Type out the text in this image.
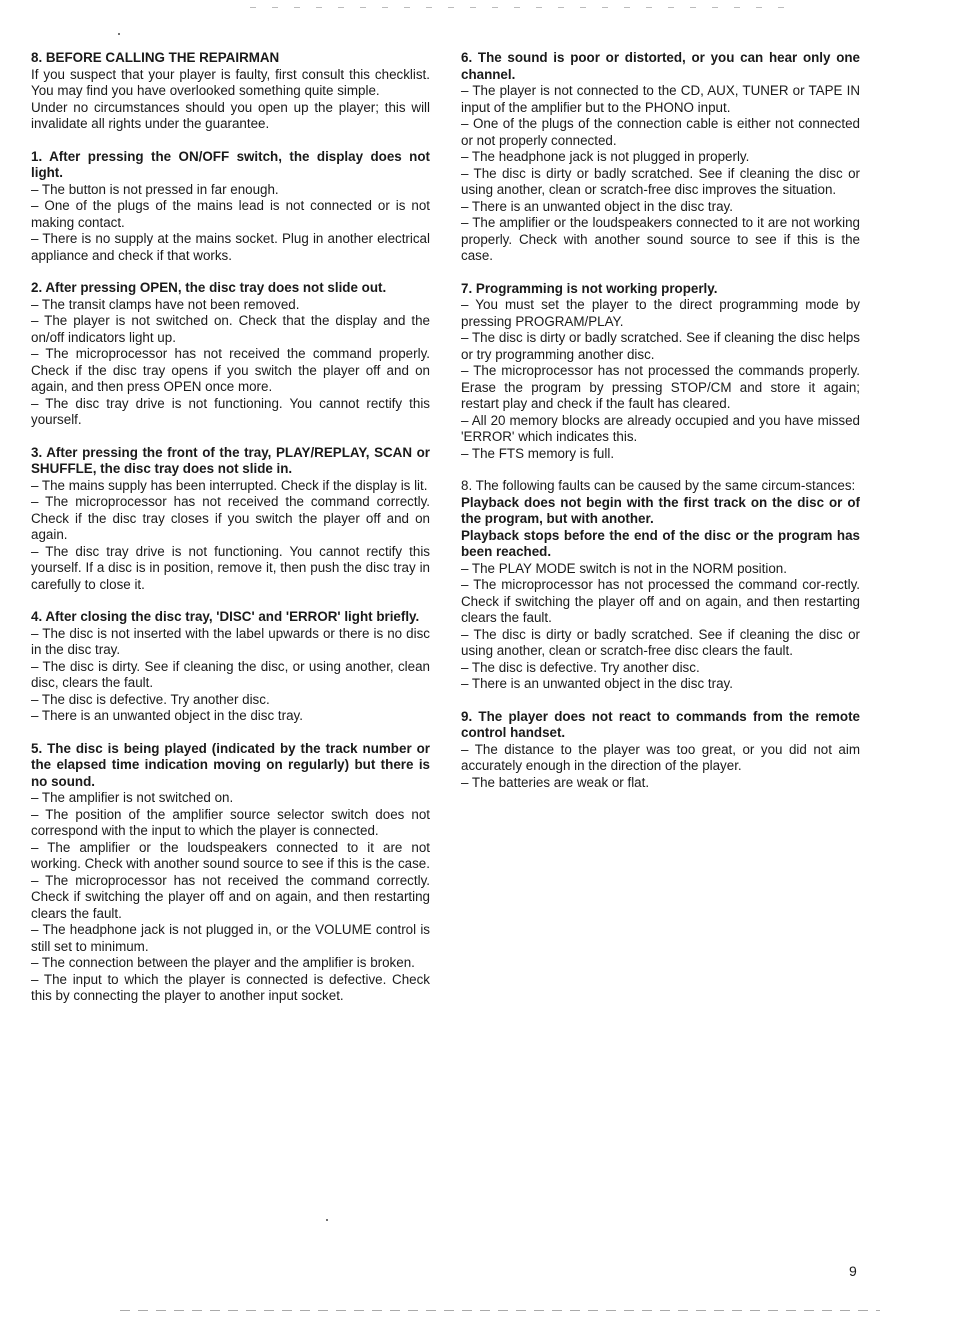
8. BEFORE CALLING THE REPAIRMAN

If you suspect that your player is faulty, first consult this checklist. You may find you have overlooked something quite simple.

Under no circumstances should you open up the player; this will invalidate all rights under the guarantee.

1. After pressing the ON/OFF switch, the display does not light.

– The button is not pressed in far enough.

– One of the plugs of the mains lead is not connected or is not making contact.

– There is no supply at the mains socket. Plug in another electrical appliance and check if that works.

2. After pressing OPEN, the disc tray does not slide out.

– The transit clamps have not been removed.

– The player is not switched on. Check that the display and the on/off indicators light up.

– The microprocessor has not received the command properly. Check if the disc tray opens if you switch the player off and on again, and then press OPEN once more.

– The disc tray drive is not functioning. You cannot rectify this yourself.

3. After pressing the front of the tray, PLAY/REPLAY, SCAN or SHUFFLE, the disc tray does not slide in.

– The mains supply has been interrupted. Check if the display is lit.

– The microprocessor has not received the command correctly. Check if the disc tray closes if you switch the player off and on again.

– The disc tray drive is not functioning. You cannot rectify this yourself. If a disc is in position, remove it, then push the disc tray in carefully to close it.

4. After closing the disc tray, 'DISC' and 'ERROR' light briefly.

– The disc is not inserted with the label upwards or there is no disc in the disc tray.

– The disc is dirty. See if cleaning the disc, or using another, clean disc, clears the fault.

– The disc is defective. Try another disc.

– There is an unwanted object in the disc tray.

5. The disc is being played (indicated by the track number or the elapsed time indication moving on regularly) but there is no sound.

– The amplifier is not switched on.

– The position of the amplifier source selector switch does not correspond with the input to which the player is connected.

– The amplifier or the loudspeakers connected to it are not working. Check with another sound source to see if this is the case.

– The microprocessor has not received the command correctly. Check if switching the player off and on again, and then restarting clears the fault.

– The headphone jack is not plugged in, or the VOLUME control is still set to minimum.

– The connection between the player and the amplifier is broken.

– The input to which the player is connected is defective. Check this by connecting the player to another input socket.

6. The sound is poor or distorted, or you can hear only one channel.

– The player is not connected to the CD, AUX, TUNER or TAPE IN input of the amplifier but to the PHONO input.

– One of the plugs of the connection cable is either not connected or not properly connected.

– The headphone jack is not plugged in properly.

– The disc is dirty or badly scratched. See if cleaning the disc or using another, clean or scratch-free disc improves the situation.

– There is an unwanted object in the disc tray.

– The amplifier or the loudspeakers connected to it are not working properly. Check with another sound source to see if this is the case.

7. Programming is not working properly.

– You must set the player to the direct programming mode by pressing PROGRAM/PLAY.

– The disc is dirty or badly scratched. See if cleaning the disc helps or try programming another disc.

– The microprocessor has not processed the commands properly. Erase the program by pressing STOP/CM and store it again; restart play and check if the fault has cleared.

– All 20 memory blocks are already occupied and you have missed 'ERROR' which indicates this.

– The FTS memory is full.

8. The following faults can be caused by the same circum-stances:

Playback does not begin with the first track on the disc or of the program, but with another.

Playback stops before the end of the disc or the program has been reached.

– The PLAY MODE switch is not in the NORM position.

– The microprocessor has not processed the command cor-rectly. Check if switching the player off and on again, and then restarting clears the fault.

– The disc is dirty or badly scratched. See if cleaning the disc or using another, clean or scratch-free disc clears the fault.

– The disc is defective. Try another disc.

– There is an unwanted object in the disc tray.

9. The player does not react to commands from the remote control handset.

– The distance to the player was too great, or you did not aim accurately enough in the direction of the player.

– The batteries are weak or flat.

9
